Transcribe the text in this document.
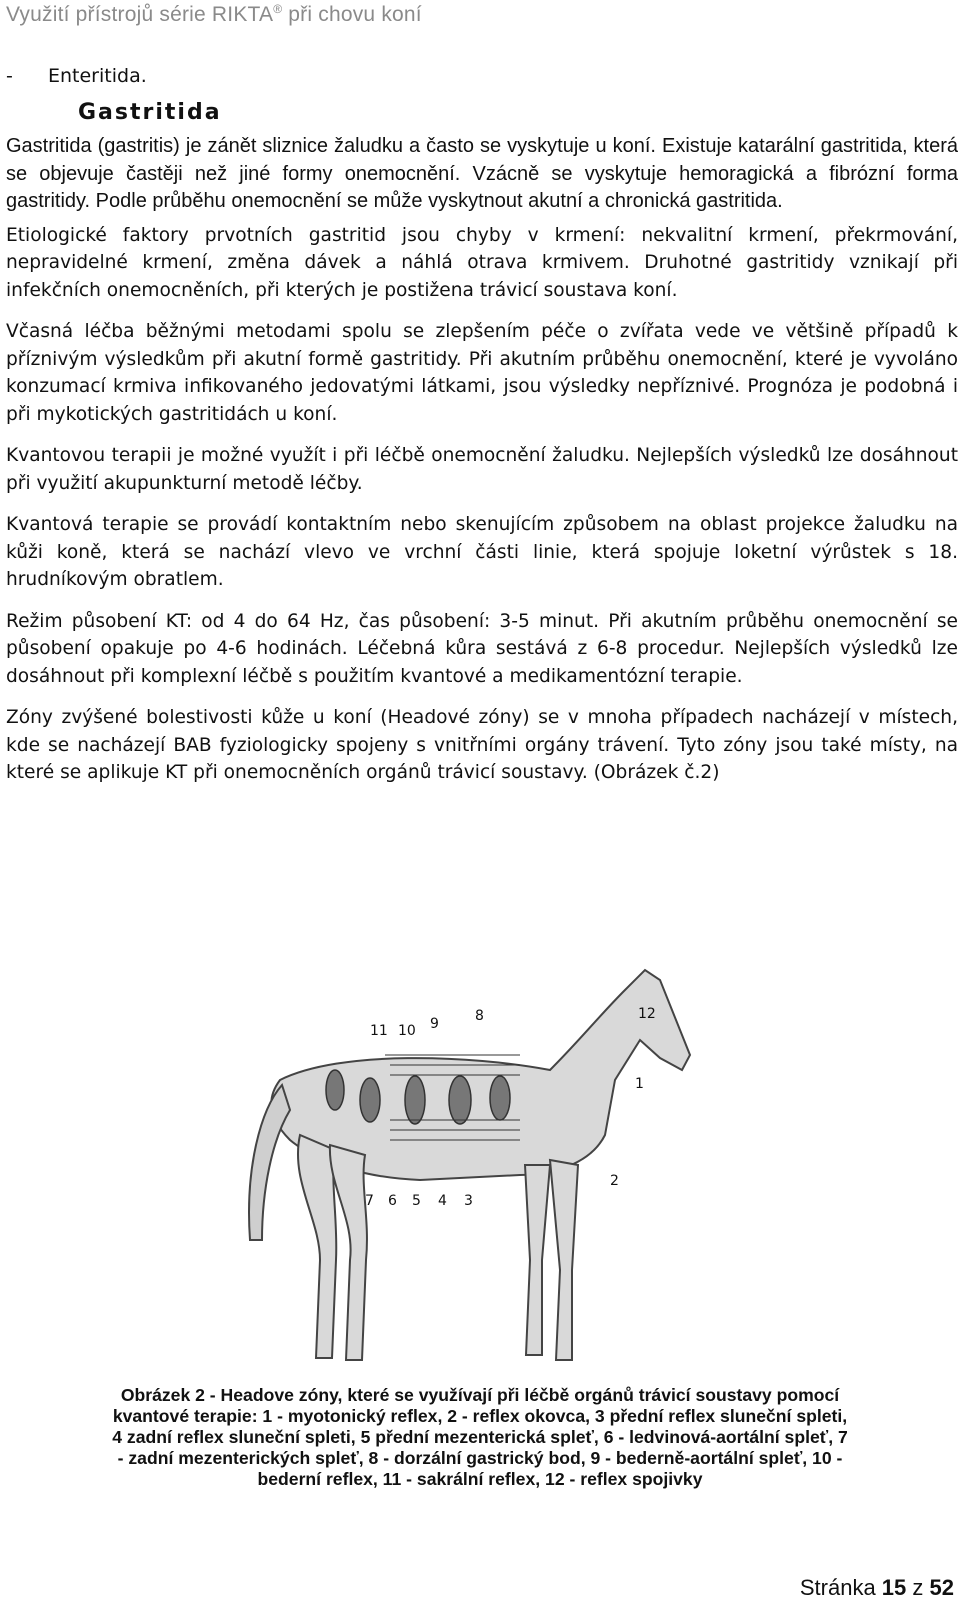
Využití přístrojů série RIKTA® při chovu koní
- Enteritida.
Gastritida

Gastritida (gastritis) je zánět sliznice žaludku a často se vyskytuje u koní. Existuje katarální gastritida, která se objevuje častěji než jiné formy onemocnění. Vzácně se vyskytuje hemoragická a fibrózní forma gastritidy. Podle průběhu onemocnění se může vyskytnout akutní a chronická gastritida.

Etiologické faktory prvotních gastritid jsou chyby v krmení: nekvalitní krmení, překrmování, nepravidelné krmení, změna dávek a náhlá otrava krmivem. Druhotné gastritidy vznikají při infekčních onemocněních, při kterých je postižena trávicí soustava koní.

Včasná léčba běžnými metodami spolu se zlepšením péče o zvířata vede ve většině případů k příznivým výsledkům při akutní formě gastritidy. Při akutním průběhu onemocnění, které je vyvoláno konzumací krmiva infikovaného jedovatými látkami, jsou výsledky nepříznivé. Prognóza je podobná i při mykotických gastritidách u koní.

Kvantovou terapii je možné využít i při léčbě onemocnění žaludku. Nejlepších výsledků lze dosáhnout při využití akupunkturní metodě léčby.

Kvantová terapie se provádí kontaktním nebo skenujícím způsobem na oblast projekce žaludku na kůži koně, která se nachází vlevo ve vrchní části linie, která spojuje loketní výrůstek s 18. hrudníkovým obratlem.

Režim působení KT: od 4 do 64 Hz, čas působení: 3-5 minut. Při akutním průběhu onemocnění se působení opakuje po 4-6 hodinách. Léčebná kůra sestává z 6-8 procedur. Nejlepších výsledků lze dosáhnout při komplexní léčbě s použitím kvantové a medikamentózní terapie.

Zóny zvýšené bolestivosti kůže u koní (Headové zóny) se v mnoha případech nacházejí v místech, kde se nacházejí BAB fyziologicky spojeny s vnitřními orgány trávení. Tyto zóny jsou také místy, na které se aplikuje KT při onemocněních orgánů trávicí soustavy. (Obrázek č.2)

11 10 9	8
1
2
7 6 5 4 3
12
Obrázek 2 - Headove zóny, které se využívají při léčbě orgánů trávicí soustavy pomocí
kvantové terapie: 1 - myotonický reflex, 2 - reflex okovca, 3 přední reflex sluneční spleti,
4 zadní reflex sluneční spleti, 5 přední mezenterická spleť, 6 - ledvinová-aortální spleť, 7
- zadní mezenterických spleť, 8 - dorzální gastrický bod, 9 - bederně-aortální spleť, 10 -
bederní reflex, 11 - sakrální reflex, 12 - reflex spojivky
Stránka 15 z 52
